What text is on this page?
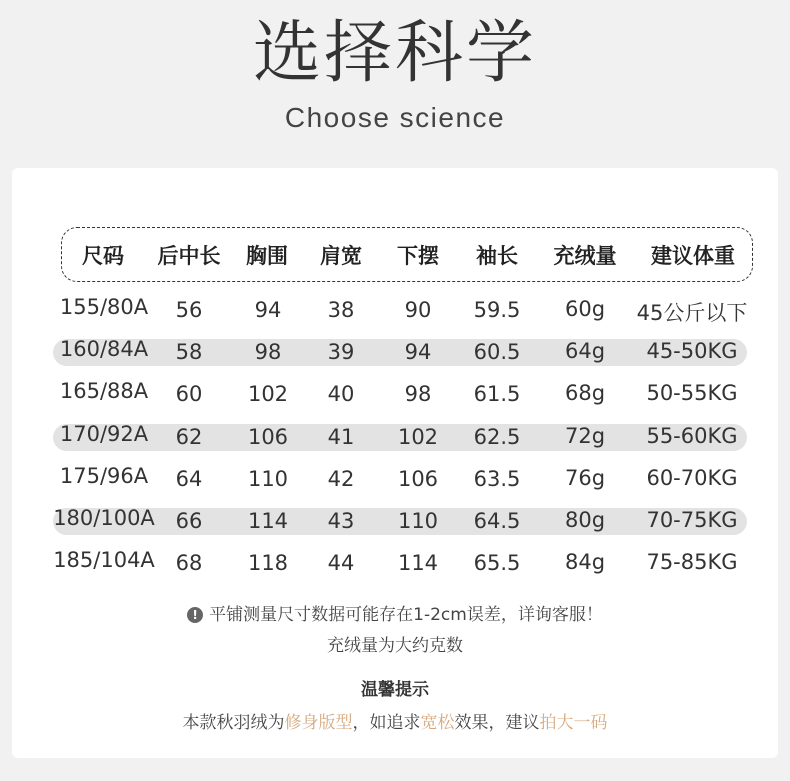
选择科学
Choose science
尺码 后中长 胸围 肩宽 下摆 袖长 充绒量 建议体重
155/80A 56 94 38 90 59.5 60g 45公斤以下
160/84A 58 98 39 94 60.5 64g 45-50KG
165/88A 60 102 40 98 61.5 68g 50-55KG
170/92A 62 106 41 102 62.5 72g 55-60KG
175/96A 64 110 42 106 63.5 76g 60-70KG
180/100A 66 114 43 110 64.5 80g 70-75KG
185/104A 68 118 44 114 65.5 84g 75-85KG
! 平铺测量尺寸数据可能存在1-2cm误差，详询客服！
充绒量为大约克数
温馨提示
本款秋羽绒为修身版型，如追求宽松效果，建议拍大一码
